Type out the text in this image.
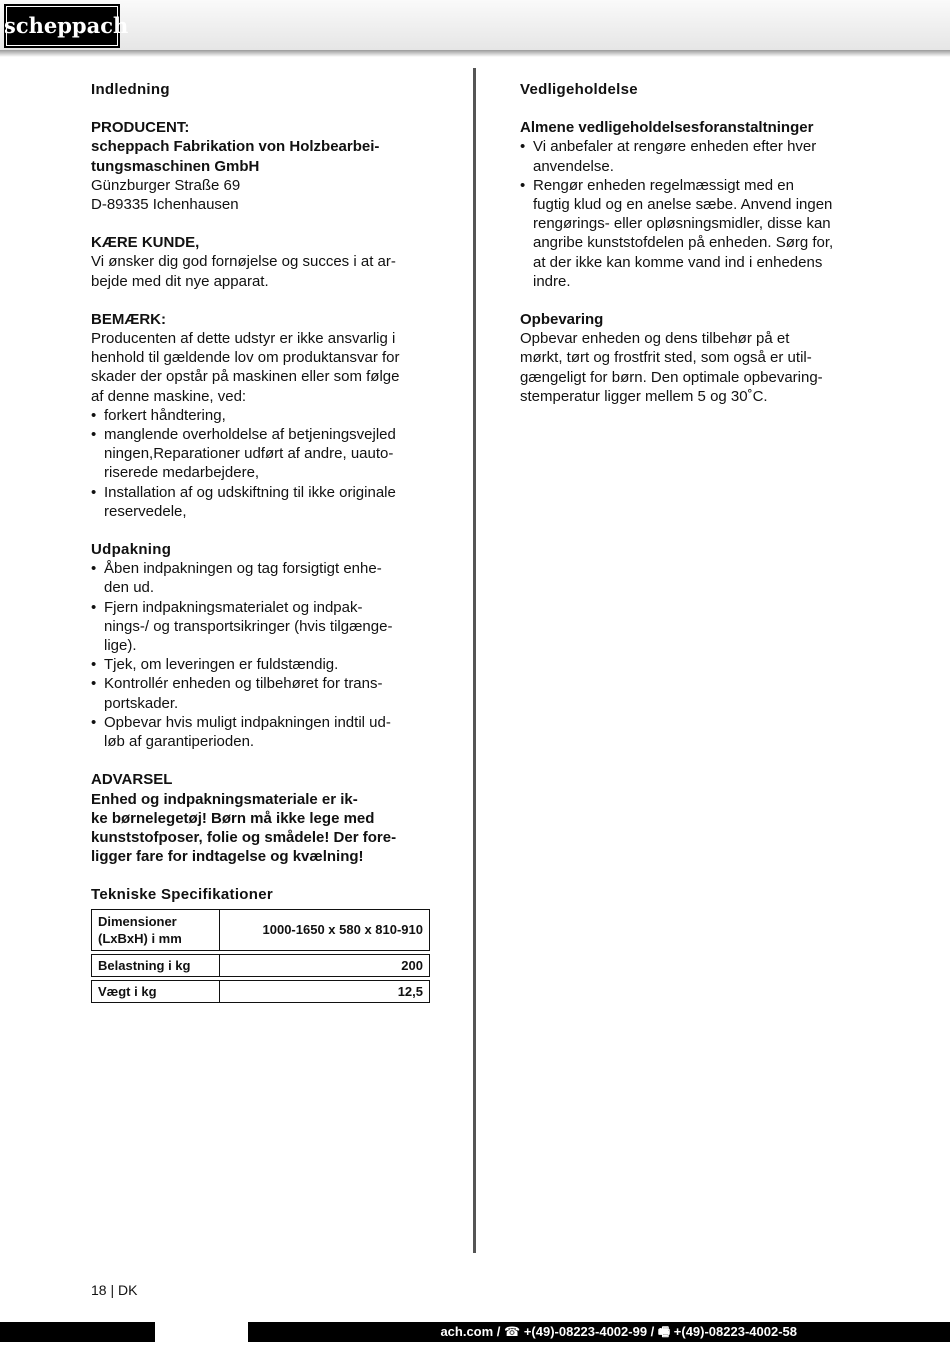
scheppach

Indledning

PRODUCENT:

scheppach Fabrikation von Holzbearbei-

tungsmaschinen GmbH

Günzburger Straße 69

D-89335 Ichenhausen

KÆRE KUNDE,

Vi ønsker dig god fornøjelse og succes i at ar-

bejde med dit nye apparat.

BEMÆRK:

Producenten af dette udstyr er ikke ansvarlig i

henhold til gældende lov om produktansvar for

skader der opstår på maskinen eller som følge

af denne maskine, ved:

• forkert håndtering,

• manglende overholdelse af betjeningsvejled

ningen,Reparationer udført af andre, uauto-

riserede medarbejdere,

• Installation af og udskiftning til ikke originale

reservedele,

Udpakning

• Åben indpakningen og tag forsigtigt enhe-

den ud.

• Fjern indpakningsmaterialet og indpak-

nings-/ og transportsikringer (hvis tilgænge-

lige).

• Tjek, om leveringen er fuldstændig.

• Kontrollér enheden og tilbehøret for trans-

portskader.

• Opbevar hvis muligt indpakningen indtil ud-

løb af garantiperioden.

ADVARSEL

Enhed og indpakningsmateriale er ik-

ke børnelegetøj! Børn må ikke lege med

kunststofposer, folie og smådele! Der fore-

ligger fare for indtagelse og kvælning!

Tekniske Specifikationer

Dimensioner
(LxBxH) i mm	1000-1650 x 580 x 810-910

Belastning i kg	200

Vægt i kg	12,5

Vedligeholdelse

Almene vedligeholdelsesforanstaltninger

• Vi anbefaler at rengøre enheden efter hver

anvendelse.

• Rengør enheden regelmæssigt med en

fugtig klud og en anelse sæbe. Anvend ingen

rengørings- eller opløsningsmidler, disse kan

angribe kunststofdelen på enheden. Sørg for,

at der ikke kan komme vand ind i enhedens

indre.

Opbevaring

Opbevar enheden og dens tilbehør på et

mørkt, tørt og frostfrit sted, som også er util-

gængeligt for børn. Den optimale opbevaring-

stemperatur ligger mellem 5 og 30˚C.

18 | DK
ach.com / ☎ +(49)-08223-4002-99 / 🖷 +(49)-08223-4002-58
